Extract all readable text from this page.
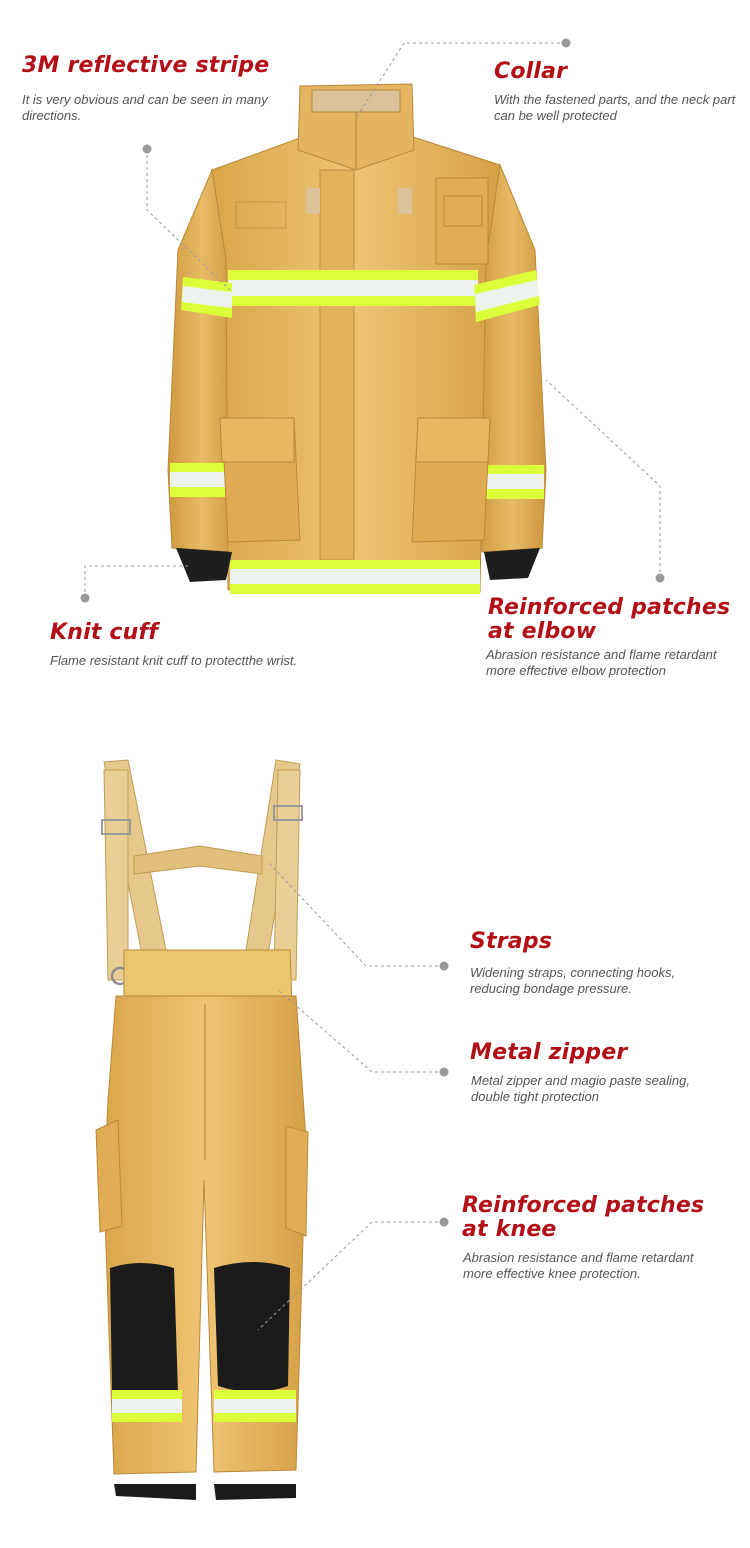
3M reflective stripe

It is very obvious and can be seen in many directions.

Collar

With the fastened parts, and the neck part can be well protected

Knit cuff

Flame resistant knit cuff to protectthe wrist.

Reinforced patches at elbow

Abrasion resistance and flame retardant more effective elbow protection

Straps

Widening straps, connecting hooks, reducing bondage pressure.

Metal zipper

Metal zipper and magio paste sealing, double tight protection

Reinforced patches at knee

Abrasion resistance and flame retardant more effective knee protection.
